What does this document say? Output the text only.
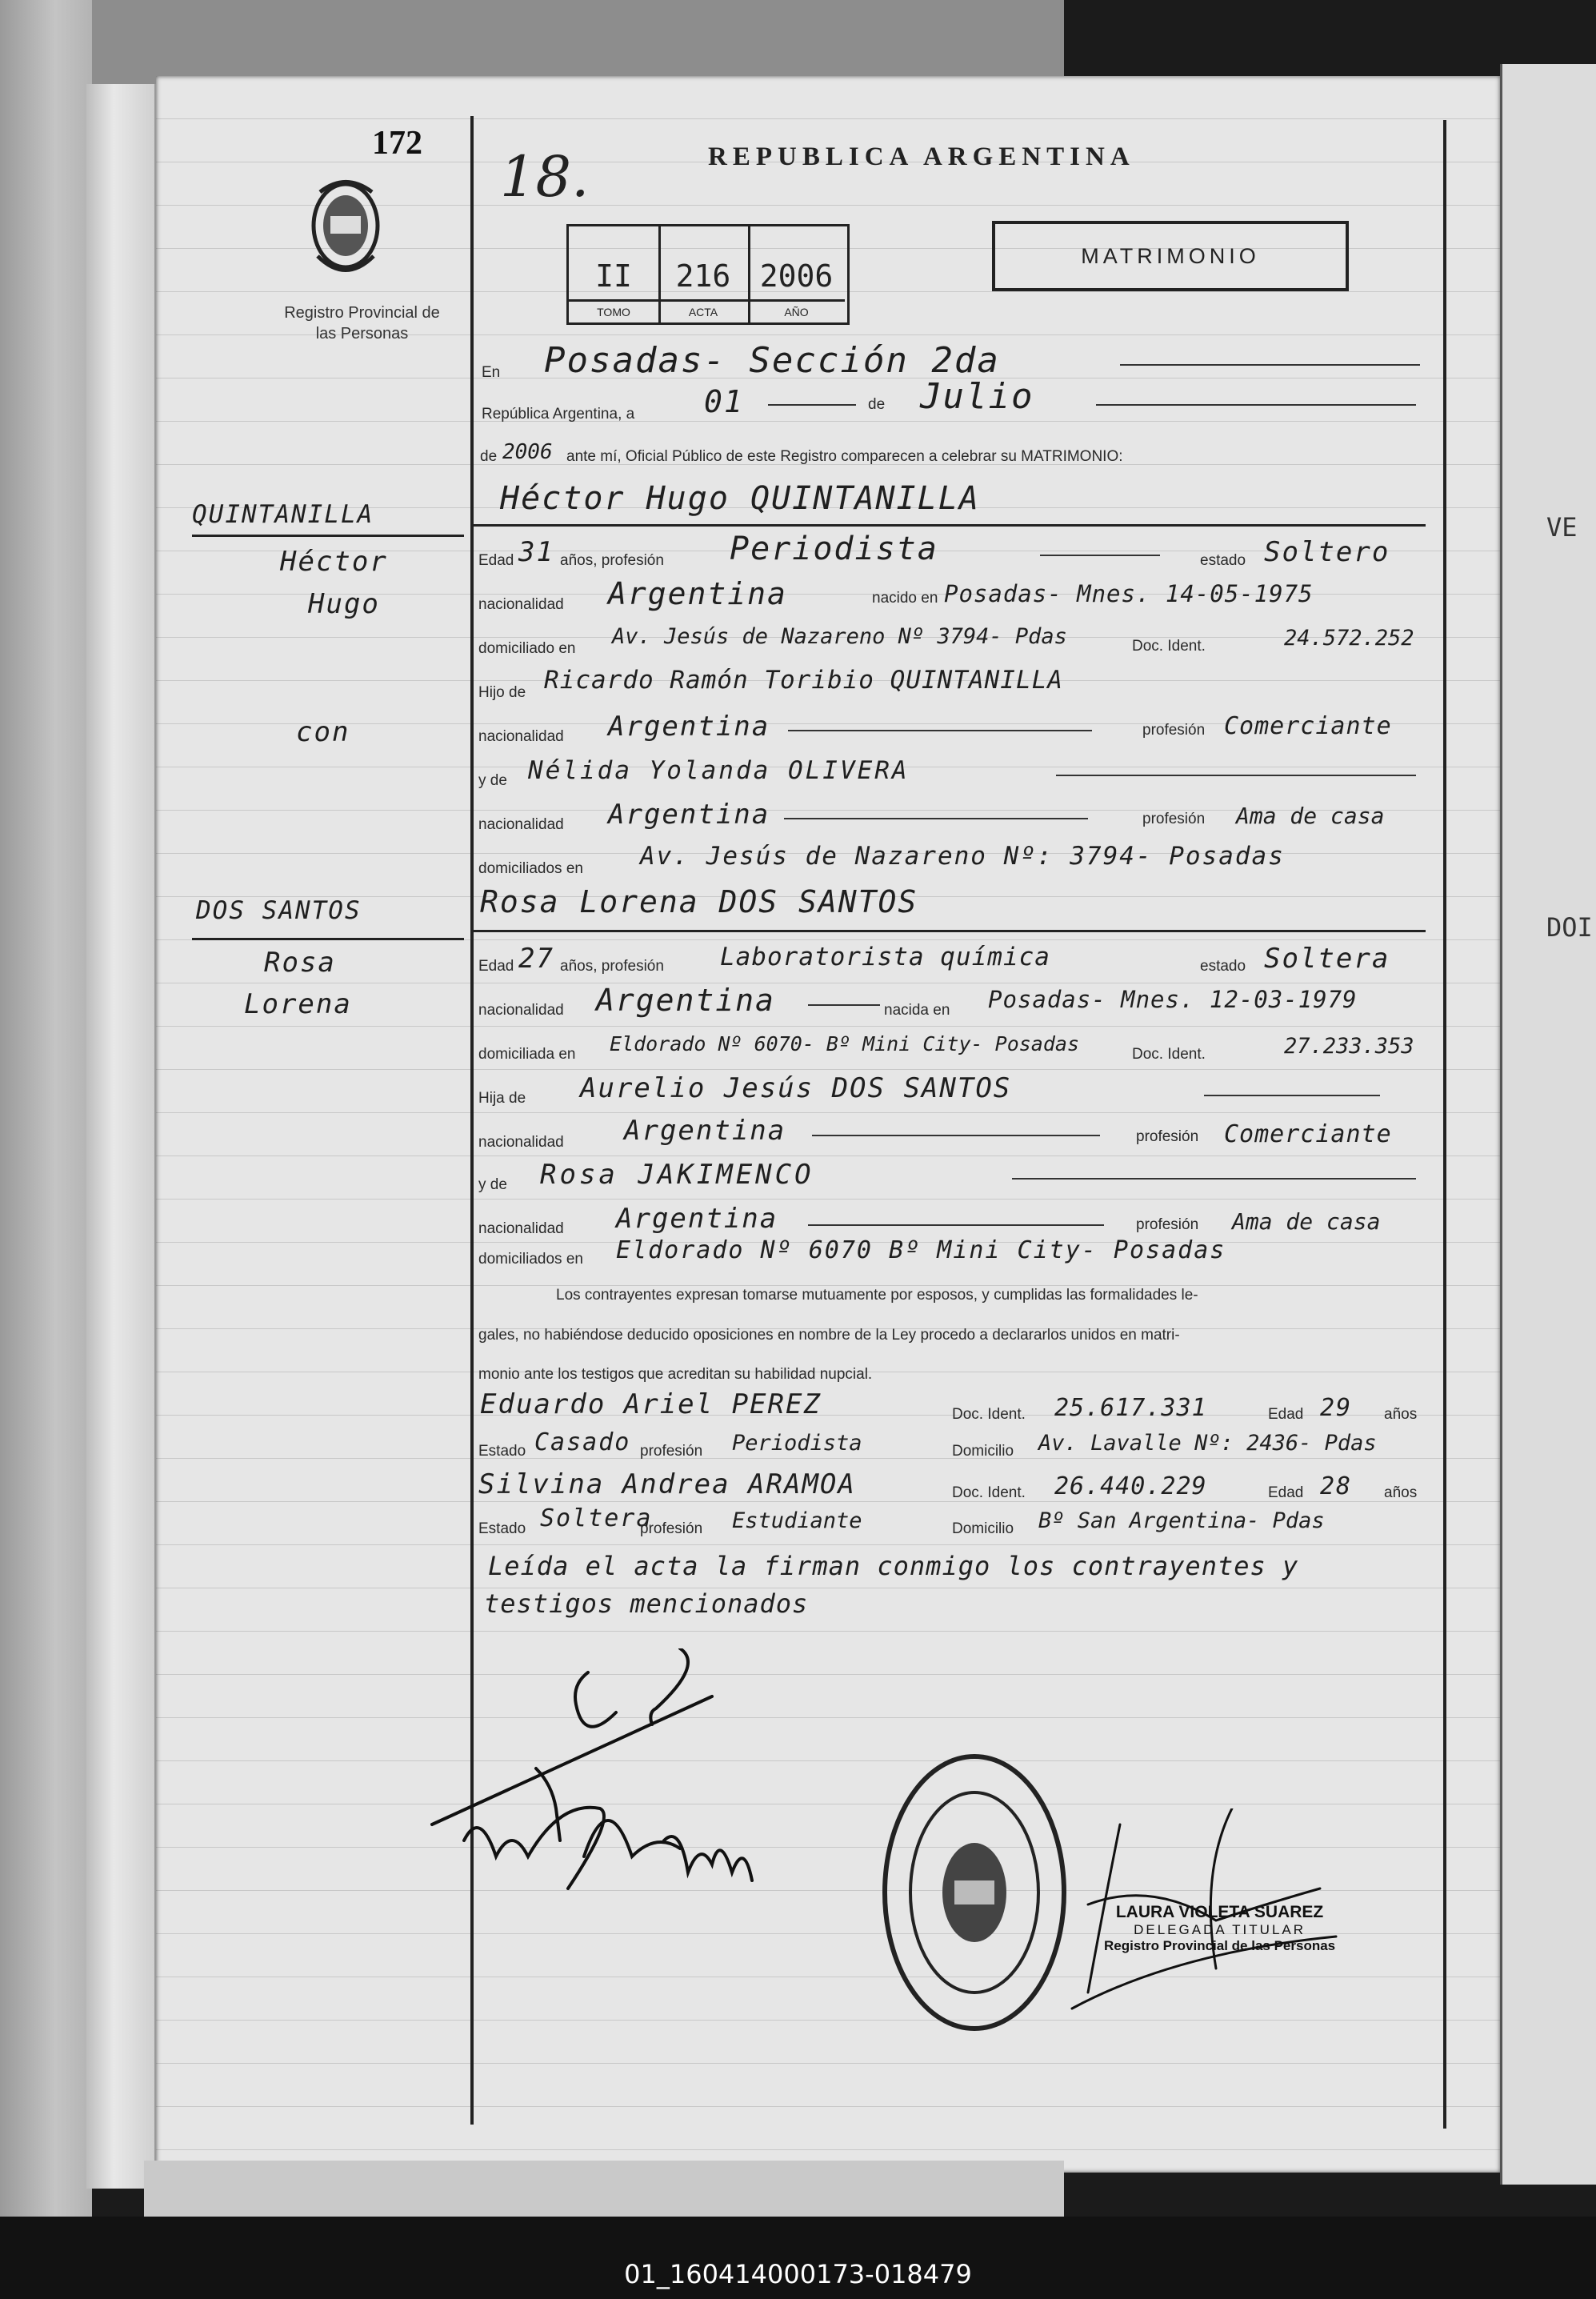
VE
DOI
01_160414000173-018479
172
18.	REPUBLICA ARGENTINA
Registro Provincial de las Personas
MATRIMONIO
II
TOMO
216
ACTA
2006
AÑO
En Posadas- Sección 2da
República Argentina, a 01	de Julio
de 2006 ante mí, Oficial Público de este Registro comparecen a celebrar su MATRIMONIO:
QUINTANILLA
Héctor
Hugo
con
DOS SANTOS
Rosa
Lorena
Héctor Hugo QUINTANILLA
Edad 31 años, profesión Periodista	estado Soltero
nacionalidad Argentina	nacido en Posadas- Mnes. 14-05-1975
domiciliado en Av. Jesús de Nazareno Nº 3794- Pdas	Doc. Ident.	24.572.252
Hijo de Ricardo Ramón Toribio QUINTANILLA
nacionalidad Argentina	profesión Comerciante
y de Nélida Yolanda OLIVERA
nacionalidad Argentina	profesión Ama de casa
domiciliados en Av. Jesús de Nazareno Nº: 3794- Posadas
Rosa Lorena DOS SANTOS
Edad 27 años, profesión Laboratorista química	estado Soltera
nacionalidad Argentina	nacida en Posadas- Mnes. 12-03-1979
domiciliada en Eldorado Nº 6070- Bº Mini City- Posadas	Doc. Ident.	27.233.353
Hija de Aurelio Jesús DOS SANTOS
nacionalidad Argentina	profesión Comerciante
y de Rosa JAKIMENCO
nacionalidad Argentina	profesión Ama de casa
domiciliados en Eldorado Nº 6070 Bº Mini City- Posadas
Los contrayentes expresan tomarse mutuamente por esposos, y cumplidas las formalidades le-
gales, no habiéndose deducido oposiciones en nombre de la Ley procedo a declararlos unidos en matri-
monio ante los testigos que acreditan su habilidad nupcial.
Eduardo Ariel PEREZ	Doc. Ident. 25.617.331	Edad 29 años
Estado Casado profesión Periodista	Domicilio Av. Lavalle Nº: 2436- Pdas
Silvina Andrea ARAMOA	Doc. Ident. 26.440.229	Edad 28 años
Estado Soltera
profesión Estudiante	Domicilio Bº San Argentina- Pdas
Leída el acta la firman conmigo los contrayentes y
testigos mencionados
LAURA VIOLETA SUAREZ
DELEGADA TITULAR
Registro Provincial de las Personas
